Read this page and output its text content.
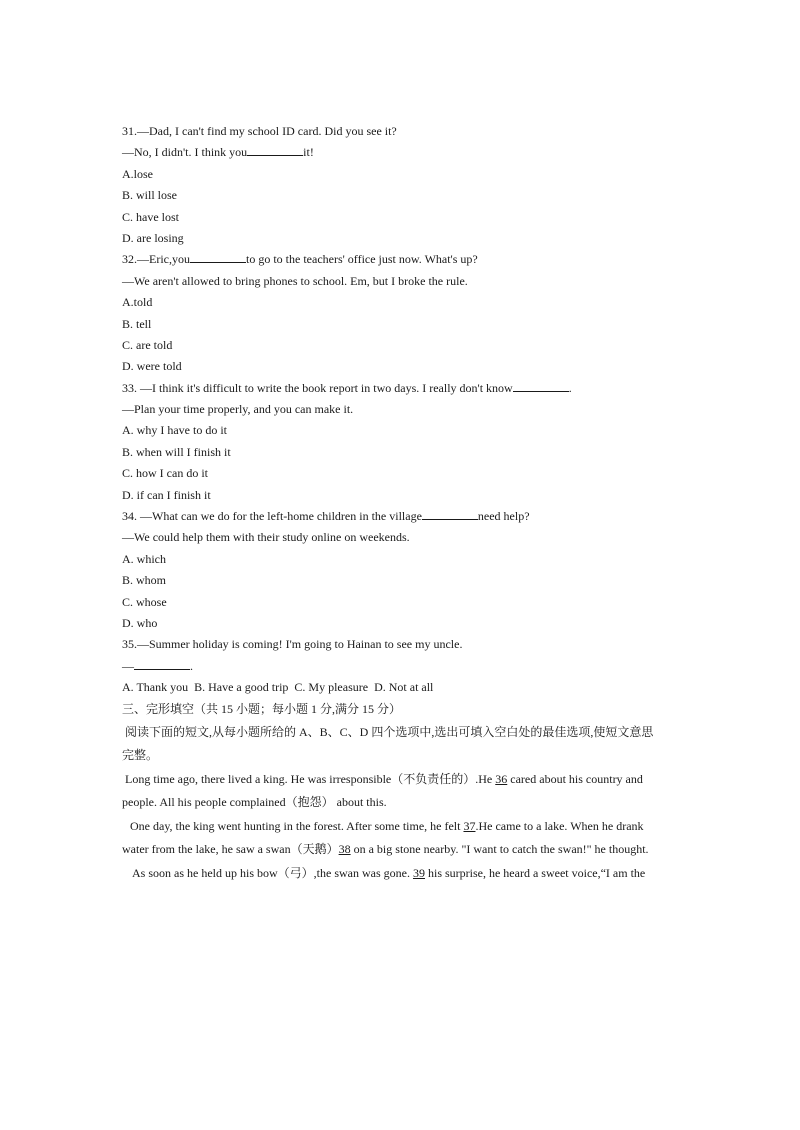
31.—Dad, I can't find my school ID card. Did you see it?
—No, I didn't. I think you	it!
A.lose
B. will lose
C. have lost
D. are losing
32.—Eric,you	to go to the teachers' office just now. What's up?
—We aren't allowed to bring phones to school. Em, but I broke the rule.
A.told
B. tell
C. are told
D. were told
33. —I think it's difficult to write the book report in two days. I really don't know	.
—Plan your time properly, and you can make it.
A. why I have to do it
B. when will I finish it
C. how I can do it
D. if can I finish it
34. —What can we do for the left-home children in the village	need help?
—We could help them with their study online on weekends.
A. which
B. whom
C. whose
D. who
35.—Summer holiday is coming! I'm going to Hainan to see my uncle.
—	.
A. Thank you  B. Have a good trip  C. My pleasure  D. Not at all
三、完形填空（共 15 小题；每小题 1 分,满分 15 分）
阅读下面的短文,从每小题所给的 A、B、C、D 四个选项中,选出可填入空白处的最佳选项,使短文意思
完整。
Long time ago, there lived a king. He was irresponsible（不负责任的）.He 36 cared about his country and
people. All his people complained（抱怨） about this.
One day, the king went hunting in the forest. After some time, he felt 37.He came to a lake. When he drank
water from the lake, he saw a swan（天鹅）38 on a big stone nearby. "I want to catch the swan!" he thought.
As soon as he held up his bow（弓）,the swan was gone. 39 his surprise, he heard a sweet voice,“I am the
